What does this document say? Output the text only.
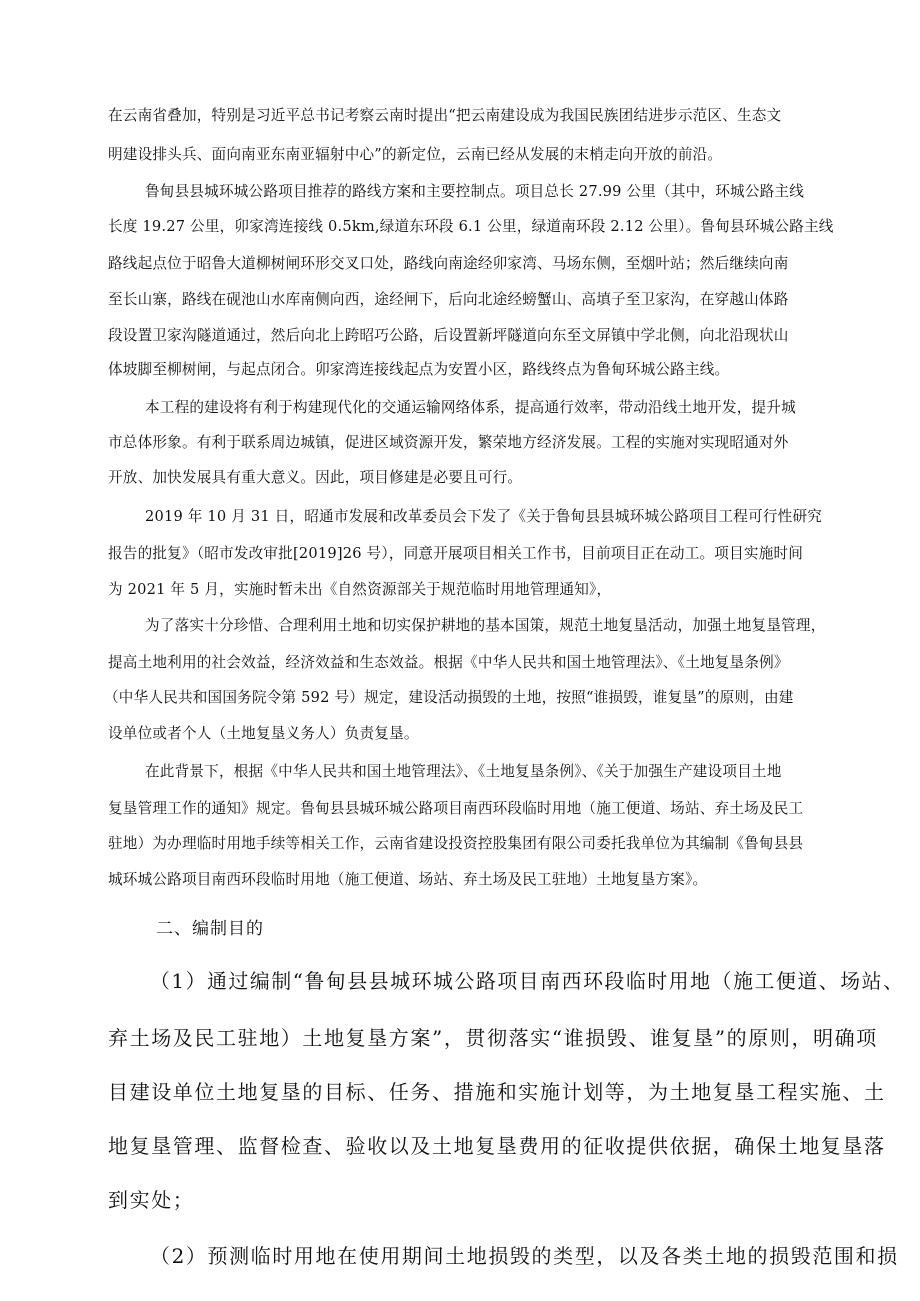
在云南省叠加，特别是习近平总书记考察云南时提出“把云南建设成为我国民族团结进步示范区、生态文

明建设排头兵、面向南亚东南亚辐射中心”的新定位，云南已经从发展的末梢走向开放的前沿。

鲁甸县县城环城公路项目推荐的路线方案和主要控制点。项目总长 27.99 公里（其中，环城公路主线

长度 19.27 公里，卯家湾连接线 0.5km,绿道东环段 6.1 公里，绿道南环段 2.12 公里）。鲁甸县环城公路主线

路线起点位于昭鲁大道柳树闸环形交叉口处，路线向南途经卯家湾、马场东侧，至烟叶站；然后继续向南

至长山寨，路线在砚池山水库南侧向西，途经闸下，后向北途经螃蟹山、高填子至卫家沟，在穿越山体路

段设置卫家沟隧道通过，然后向北上跨昭巧公路，后设置新坪隧道向东至文屏镇中学北侧，向北沿现状山

体坡脚至柳树闸，与起点闭合。卯家湾连接线起点为安置小区，路线终点为鲁甸环城公路主线。

本工程的建设将有利于构建现代化的交通运输网络体系，提高通行效率，带动沿线土地开发，提升城

市总体形象。有利于联系周边城镇，促进区域资源开发，繁荣地方经济发展。工程的实施对实现昭通对外

开放、加快发展具有重大意义。因此，项目修建是必要且可行。

2019 年 10 月 31 日，昭通市发展和改革委员会下发了《关于鲁甸县县城环城公路项目工程可行性研究

报告的批复》（昭市发改审批[2019]26 号），同意开展项目相关工作书，目前项目正在动工。项目实施时间

为 2021 年 5 月，实施时暂未出《自然资源部关于规范临时用地管理通知》，

为了落实十分珍惜、合理利用土地和切实保护耕地的基本国策，规范土地复垦活动，加强土地复垦管理，

提高土地利用的社会效益，经济效益和生态效益。根据《中华人民共和国土地管理法》、《土地复垦条例》

（中华人民共和国国务院令第 592 号）规定，建设活动损毁的土地，按照“谁损毁，谁复垦”的原则，由建

设单位或者个人（土地复垦义务人）负责复垦。

在此背景下，根据《中华人民共和国土地管理法》、《土地复垦条例》、《关于加强生产建设项目土地

复垦管理工作的通知》规定。鲁甸县县城环城公路项目南西环段临时用地（施工便道、场站、弃土场及民工

驻地）为办理临时用地手续等相关工作，云南省建设投资控股集团有限公司委托我单位为其编制《鲁甸县县

城环城公路项目南西环段临时用地（施工便道、场站、弃土场及民工驻地）土地复垦方案》。

二、编制目的

（1）通过编制“鲁甸县县城环城公路项目南西环段临时用地（施工便道、场站、

弃土场及民工驻地）土地复垦方案”，贯彻落实“谁损毁、谁复垦”的原则，明确项

目建设单位土地复垦的目标、任务、措施和实施计划等，为土地复垦工程实施、土

地复垦管理、监督检查、验收以及土地复垦费用的征收提供依据，确保土地复垦落

到实处；

（2）预测临时用地在使用期间土地损毁的类型，以及各类土地的损毁范围和损
